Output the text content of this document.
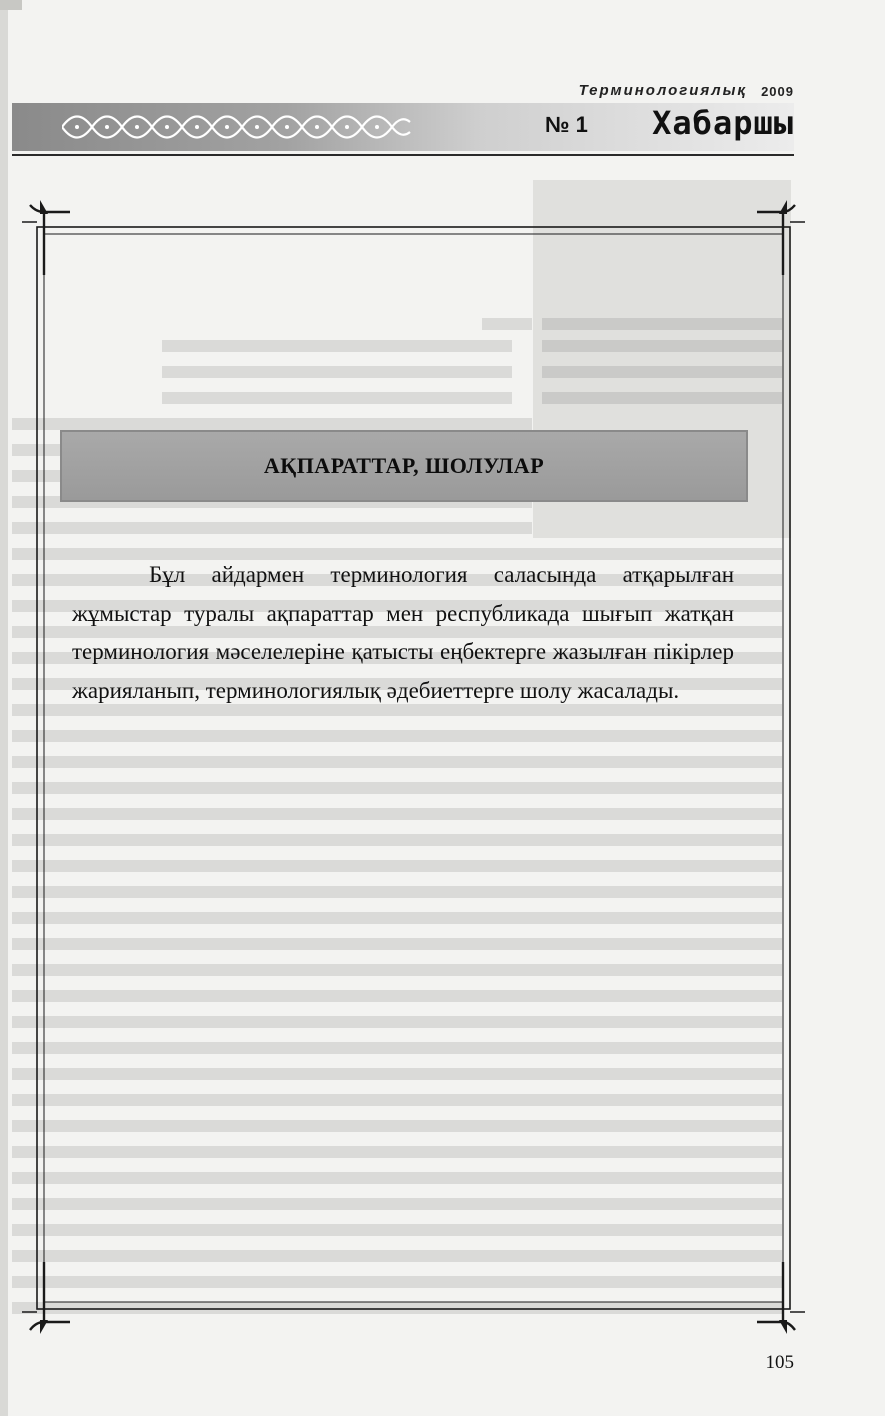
Терминологиялық 2009
№ 1 Хабаршы
АҚПАРАТТАР, ШОЛУЛАР
Бұл айдармен терминология саласында атқарылған жұмыстар туралы ақпараттар мен республикада шығып жатқан терминология мәселелеріне қатысты еңбектерге жазылған пікірлер жарияланып, терминологиялық әдебиеттерге шолу жасалады.
105
